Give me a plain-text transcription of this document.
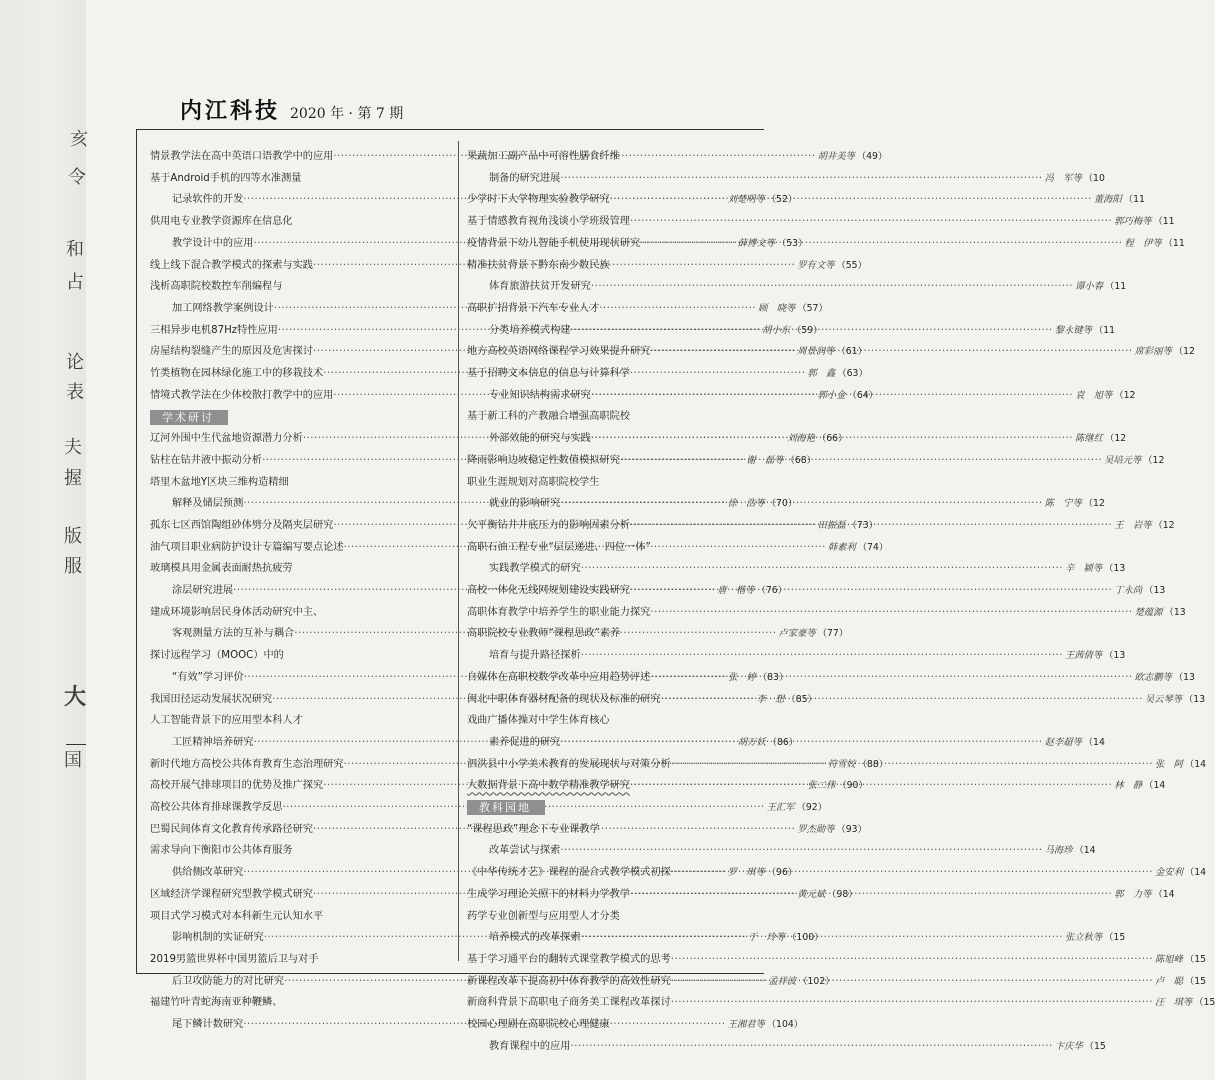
亥
令
和
占
论
表
夫
握
版
服
大
国
内江科技 2020 年 · 第 7 期
情景教学法在高中英语口语教学中的应用 ·····	胡井美等 （49）
基于Android手机的四等水准测量
记录软件的开发 ·····	刘楚明等 （52）
供用电专业教学资源库在信息化
教学设计中的应用 ·····	薛博文等 （53）
线上线下混合教学模式的探索与实践 ·····	罗有文等 （55）
浅析高职院校数控车削编程与
加工网络教学案例设计 ·····	顾　晓等 （57）
三相异步电机87Hz特性应用 ·····	胡小东 （59）
房屋结构裂缝产生的原因及危害探讨 ·····	周景润等 （61）
竹类植物在园林绿化施工中的移栽技术 ·····	郭　鑫 （63）
情境式教学法在少体校散打教学中的应用 ·····	郭小金 （64）
学术研讨
辽河外围中生代盆地资源潜力分析 ·····	刘海艳 （66）
钻柱在钻井液中振动分析 ·····	谢　磊等 （68）
塔里木盆地Y区块三维构造精细
解释及储层预测 ·····	徐　浩等 （70）
孤东七区西馆陶组砂体劈分及隔夹层研究 ·····	田振磊 （73）
油气项目职业病防护设计专篇编写要点论述 ·····	韩素利 （74）
玻璃模具用金属表面耐热抗疲劳
涂层研究进展 ·····	唐　楷等 （76）
建成环境影响居民身体活动研究中主、
客观测量方法的互补与耦合 ·····	卢家豪等 （77）
探讨远程学习（MOOC）中的
“有效”学习评价 ·····	张　婷 （83）
我国田径运动发展状况研究 ·····	李　想 （85）
人工智能背景下的应用型本科人才
工匠精神培养研究 ·····	胡万妖 （86）
新时代地方高校公共体育教育生态治理研究 ·····	符雪姣 （88）
高校开展气排球项目的优势及推广探究 ·····	张二伟 （90）
高校公共体育排球课教学反思 ·····	王汇军 （92）
巴蜀民间体育文化教育传承路径研究 ·····	罗杰勋等 （93）
需求导向下衡阳市公共体育服务
供给侧改革研究 ·····	罗　琪等 （96）
区域经济学课程研究型教学模式研究 ·····	黄元斌 （98）
项目式学习模式对本科新生元认知水平
影响机制的实证研究 ·····	于　玲等 （100）
2019男篮世界杯中国男篮后卫与对手
后卫攻防能力的对比研究 ·····	孟祥波 （102）
福建竹叶青蛇海南亚种鞭鳞、
尾下鳞计数研究 ·····	王湘君等 （104）
果蔬加工副产品中可溶性膳食纤维
制备的研究进展 ·····	冯　军等 （10
少学时下大学物理实验教学研究 ·····	董海阳 （11
基于情感教育视角浅谈小学班级管理 ·····	郭巧梅等 （11
疫情背景下幼儿智能手机使用现状研究 ·····	程　伊等 （11
精准扶贫背景下黔东南少数民族
体育旅游扶贫开发研究 ·····	谭小春 （11
高职扩招背景下汽车专业人才
分类培养模式构建 ·····	黎永键等 （11
地方高校英语网络课程学习效果提升研究 ·····	席彩丽等 （12
基于招聘文本信息的信息与计算科学
专业知识结构需求研究 ·····	袁　旭等 （12
基于新工科的产教融合增强高职院校
外部效能的研究与实践 ·····	陈继红 （12
降雨影响边坡稳定性数值模拟研究 ·····	吴培元等 （12
职业生涯规划对高职院校学生
就业的影响研究 ·····	陈　宁等 （12
欠平衡钻井井底压力的影响因素分析 ·····	王　岩等 （12
高职石油工程专业“层层递进、四位一体”
实践教学模式的研究 ·····	辛　颖等 （13
高校一体化无线网规划建设实践研究 ·····	丁永尚 （13
高职体育教学中培养学生的职业能力探究 ·····	楚蕴源 （13
高职院校专业教师“课程思政”素养
培育与提升路径探析 ·····	王茜倩等 （13
自媒体在高职校数学改革中应用趋势评述 ·····	欧志鹏等 （13
闽北中职体育器材配备的现状及标准的研究 ·····	吴云琴等 （13
戏曲广播体操对中学生体育核心
素养促进的研究 ·····	赵李超等 （14
泗洪县中小学美术教育的发展现状与对策分析 ·····	张　阿 （14
大数据背景下高中数学精准教学研究 ·····	林　静 （14
教科园地
“课程思政”理念下专业课教学
改革尝试与探索 ·····	马海珍 （14
《中华传统才艺》课程的混合式教学模式初探 ·····	金安利 （14
生成学习理论关照下的材料力学教学 ·····	郭　力等 （14
药学专业创新型与应用型人才分类
培养模式的改革探索 ·····	张立秋等 （15
基于学习通平台的翻转式课堂教学模式的思考 ·····	陈旭峰 （15
新课程改革下提高初中体育教学的高效性研究 ·····	卢　聪 （15
新商科背景下高职电子商务美工课程改革探讨 ·····	汪　琪等 （15
校园心理剧在高职院校心理健康
教育课程中的应用 ·····	卞庆华 （15
